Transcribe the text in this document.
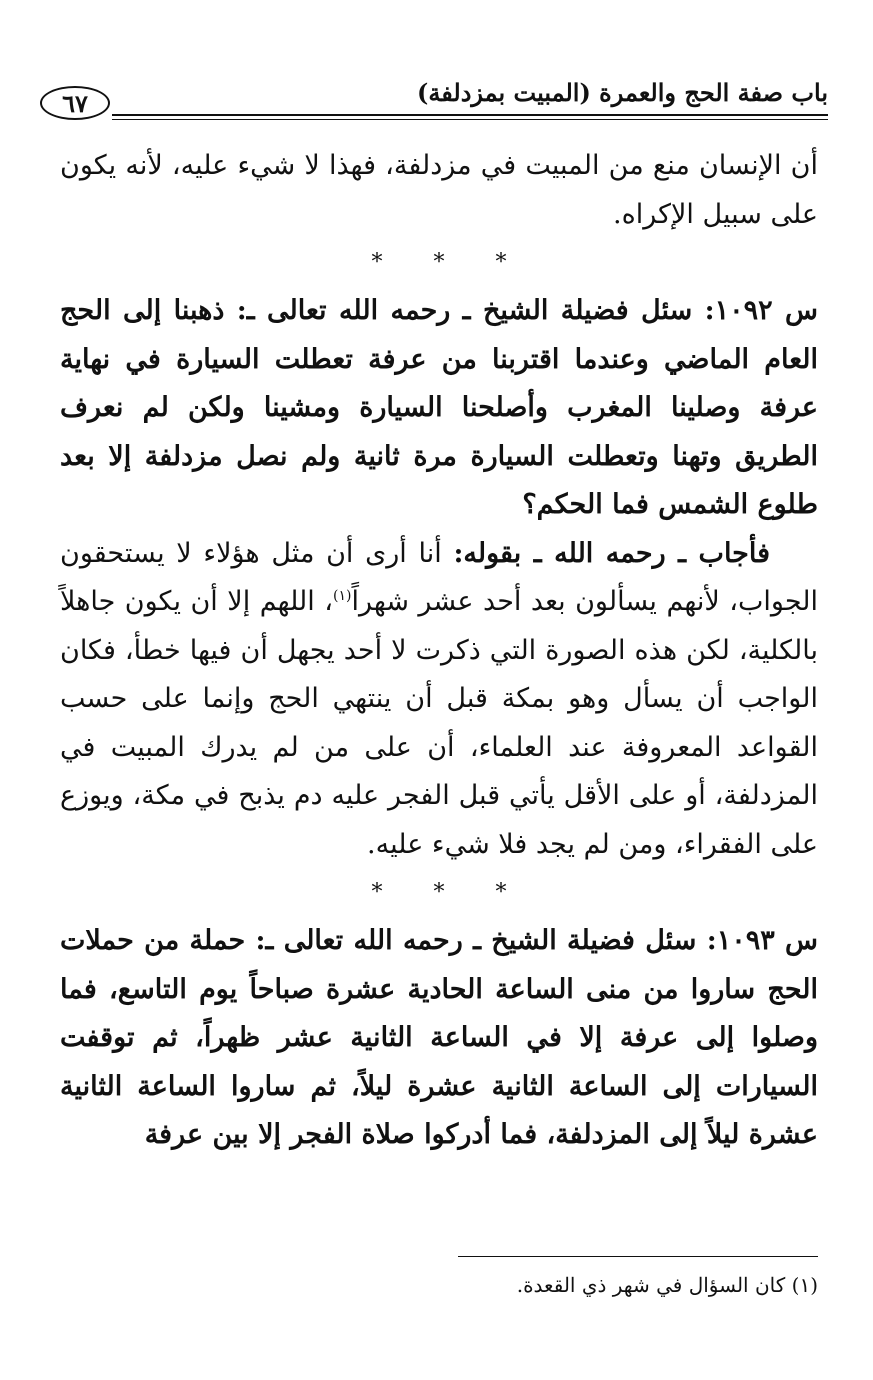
٦٧	باب صفة الحج والعمرة (المبيت بمزدلفة)

أن الإنسان منع من المبيت في مزدلفة، فهذا لا شيء عليه، لأنه يكون على سبيل الإكراه.

* * *

س ١٠٩٢: سئل فضيلة الشيخ ـ رحمه الله تعالى ـ: ذهبنا إلى الحج العام الماضي وعندما اقتربنا من عرفة تعطلت السيارة في نهاية عرفة وصلينا المغرب وأصلحنا السيارة ومشينا ولكن لم نعرف الطريق وتهنا وتعطلت السيارة مرة ثانية ولم نصل مزدلفة إلا بعد طلوع الشمس فما الحكم؟

فأجاب ـ رحمه الله ـ بقوله: أنا أرى أن مثل هؤلاء لا يستحقون الجواب، لأنهم يسألون بعد أحد عشر شهراً$^{(١)}$، اللهم إلا أن يكون جاهلاً بالكلية، لكن هذه الصورة التي ذكرت لا أحد يجهل أن فيها خطأ، فكان الواجب أن يسأل وهو بمكة قبل أن ينتهي الحج وإنما على حسب القواعد المعروفة عند العلماء، أن على من لم يدرك المبيت في المزدلفة، أو على الأقل يأتي قبل الفجر عليه دم يذبح في مكة، ويوزع على الفقراء، ومن لم يجد فلا شيء عليه.

* * *

س ١٠٩٣: سئل فضيلة الشيخ ـ رحمه الله تعالى ـ: حملة من حملات الحج ساروا من منى الساعة الحادية عشرة صباحاً يوم التاسع، فما وصلوا إلى عرفة إلا في الساعة الثانية عشر ظهراً، ثم توقفت السيارات إلى الساعة الثانية عشرة ليلاً، ثم ساروا الساعة الثانية عشرة ليلاً إلى المزدلفة، فما أدركوا صلاة الفجر إلا بين عرفة

(١) كان السؤال في شهر ذي القعدة.
